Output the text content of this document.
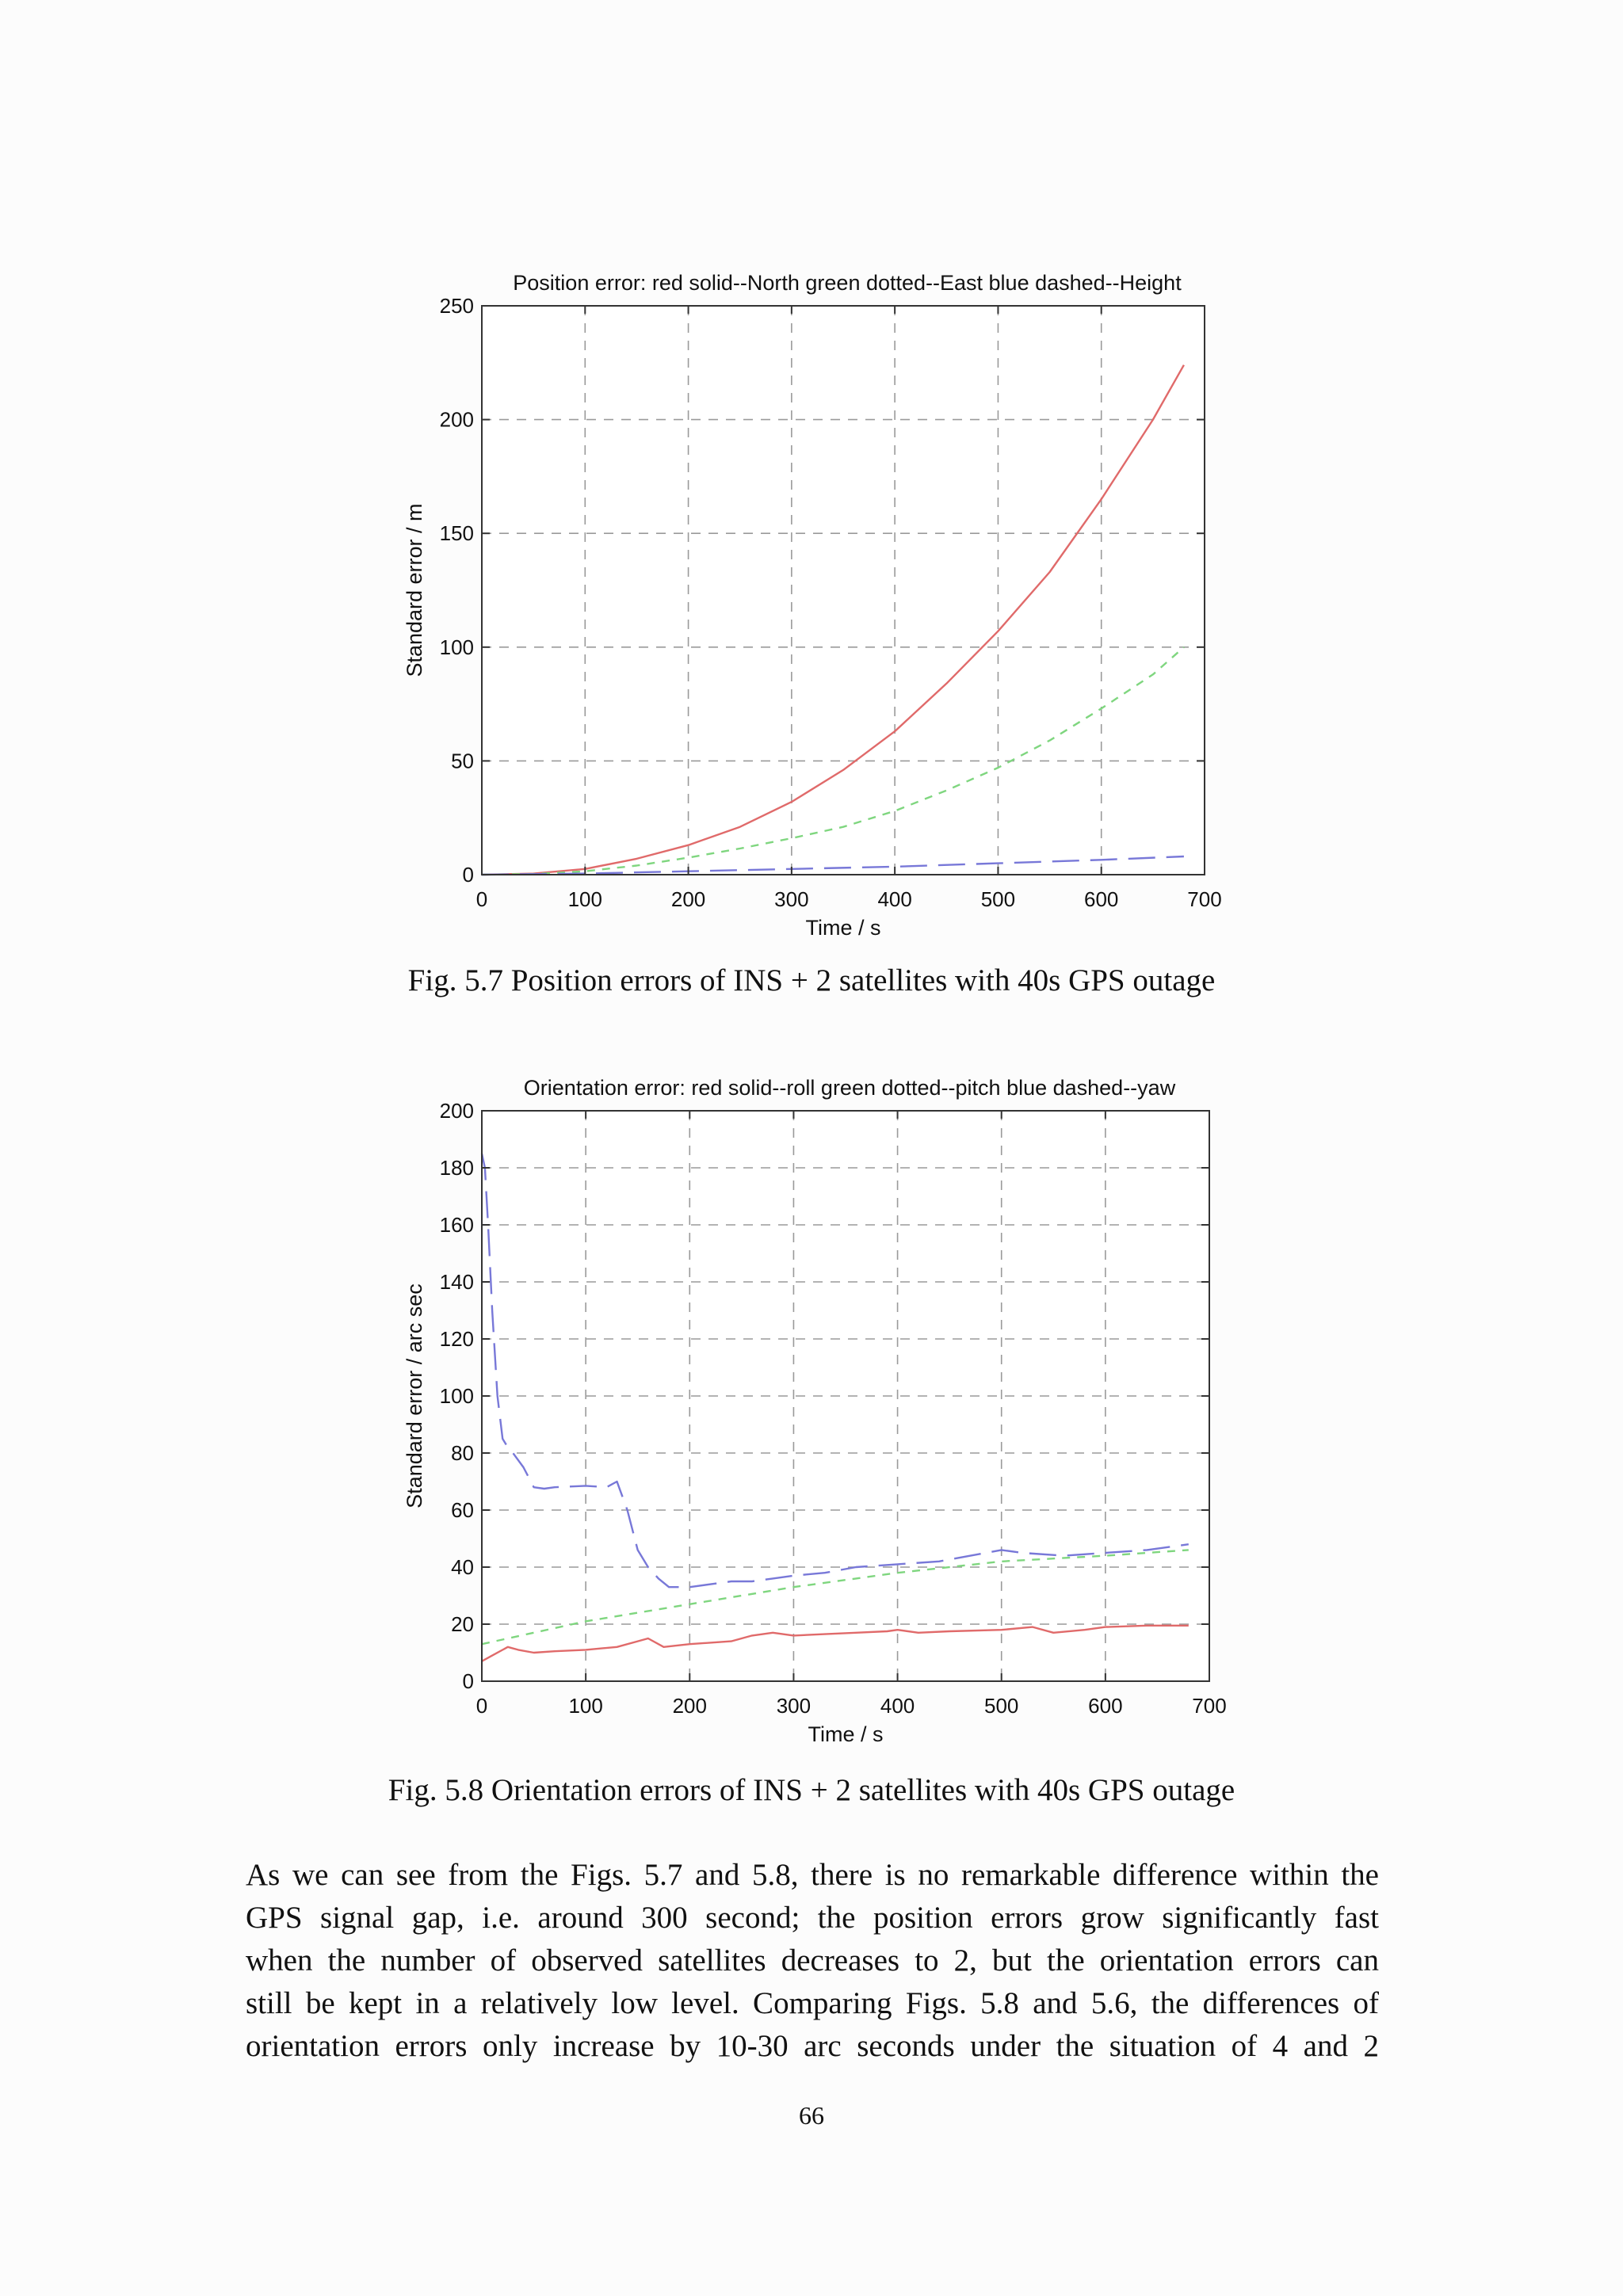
0	100	200	300	400	500	600	700
0
50
100
150
200
250
Position error: red solid--North green dotted--East blue dashed--Height
Time / s
Standard error / m
Fig. 5.7 Position errors of INS + 2 satellites with 40s GPS outage
0	100	200	300	400	500	600	700
0
20
40
60
80
100
120
140
160
180
200
Orientation error: red solid--roll green dotted--pitch blue dashed--yaw
Time / s
Standard error / arc sec
Fig. 5.8 Orientation errors of INS + 2 satellites with 40s GPS outage
As we can see from the Figs. 5.7 and 5.8, there is no remarkable difference within the
GPS signal gap, i.e. around 300 second; the position errors grow significantly fast
when the number of observed satellites decreases to 2, but the orientation errors can
still be kept in a relatively low level. Comparing Figs. 5.8 and 5.6, the differences of
orientation errors only increase by 10-30 arc seconds under the situation of 4 and 2
66
